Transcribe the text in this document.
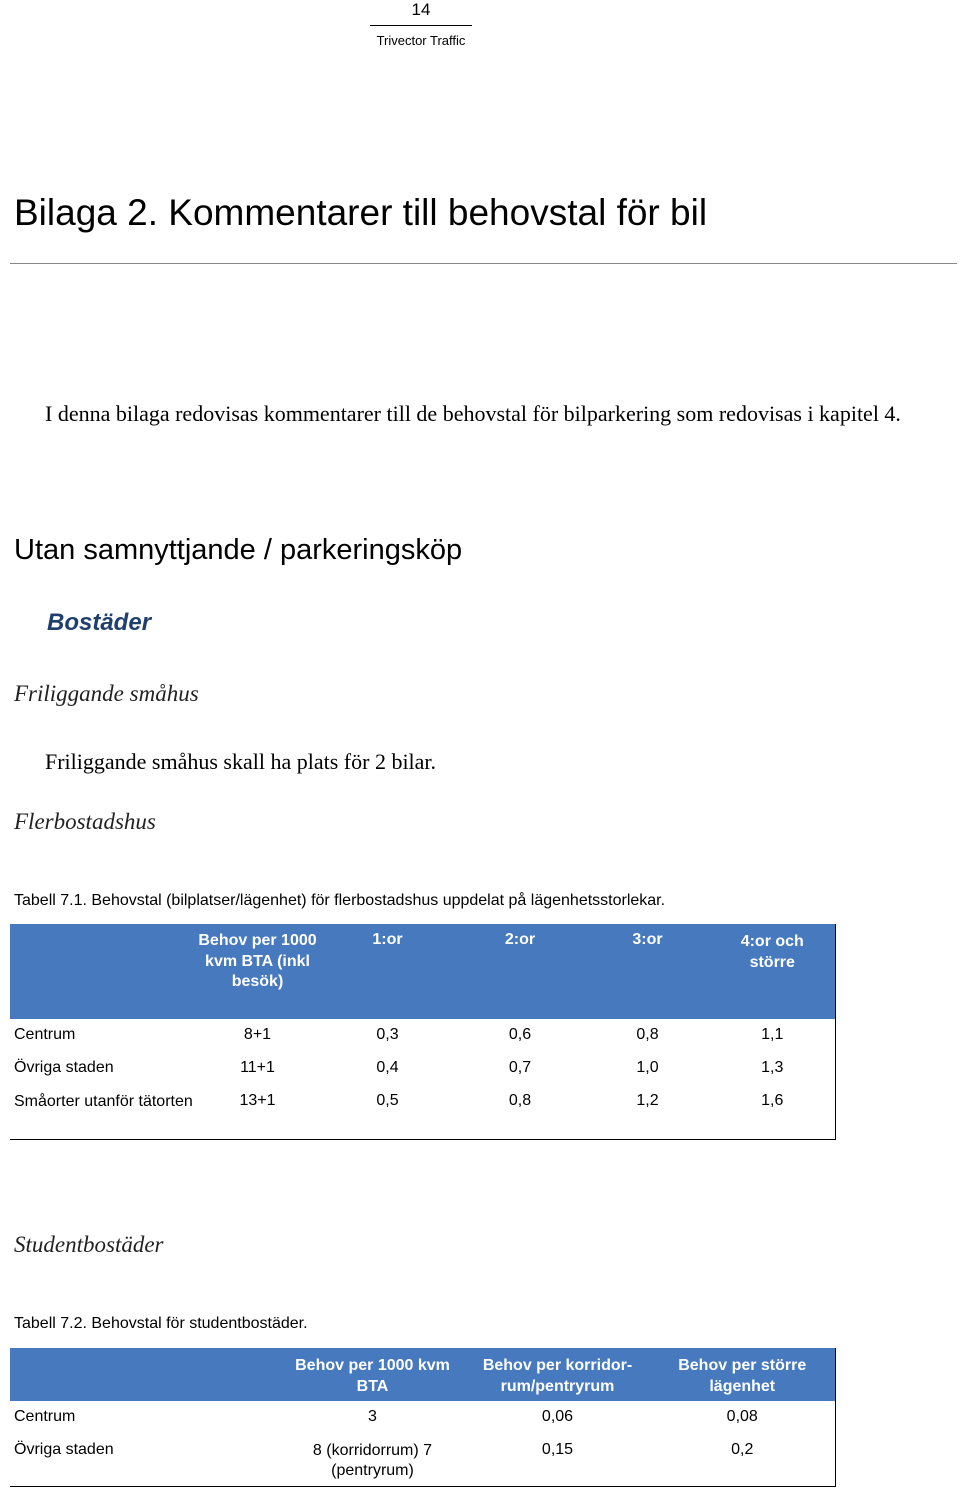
14
Trivector Traffic
Bilaga 2. Kommentarer till behovstal för bil
I denna bilaga redovisas kommentarer till de behovstal för bilparkering som redovisas i kapitel 4.
Utan samnyttjande / parkeringsköp
Bostäder
Friliggande småhus
Friliggande småhus skall ha plats för 2 bilar.
Flerbostadshus
Tabell 7.1. Behovstal (bilplatser/lägenhet) för flerbostadshus uppdelat på lägenhetsstorlekar.
	Behov per 1000 kvm BTA (inkl besök)	1:or	2:or	3:or	4:or och större
Centrum	8+1	0,3	0,6	0,8	1,1
Övriga staden	11+1	0,4	0,7	1,0	1,3
Småorter utanför tätorten	13+1	0,5	0,8	1,2	1,6
Studentbostäder
Tabell 7.2. Behovstal för studentbostäder.
	Behov per 1000 kvm BTA	Behov per korridor-rum/pentryrum	Behov per större lägenhet
Centrum	3	0,06	0,08
Övriga staden	8 (korridorrum) 7 (pentryrum)	0,15	0,2
